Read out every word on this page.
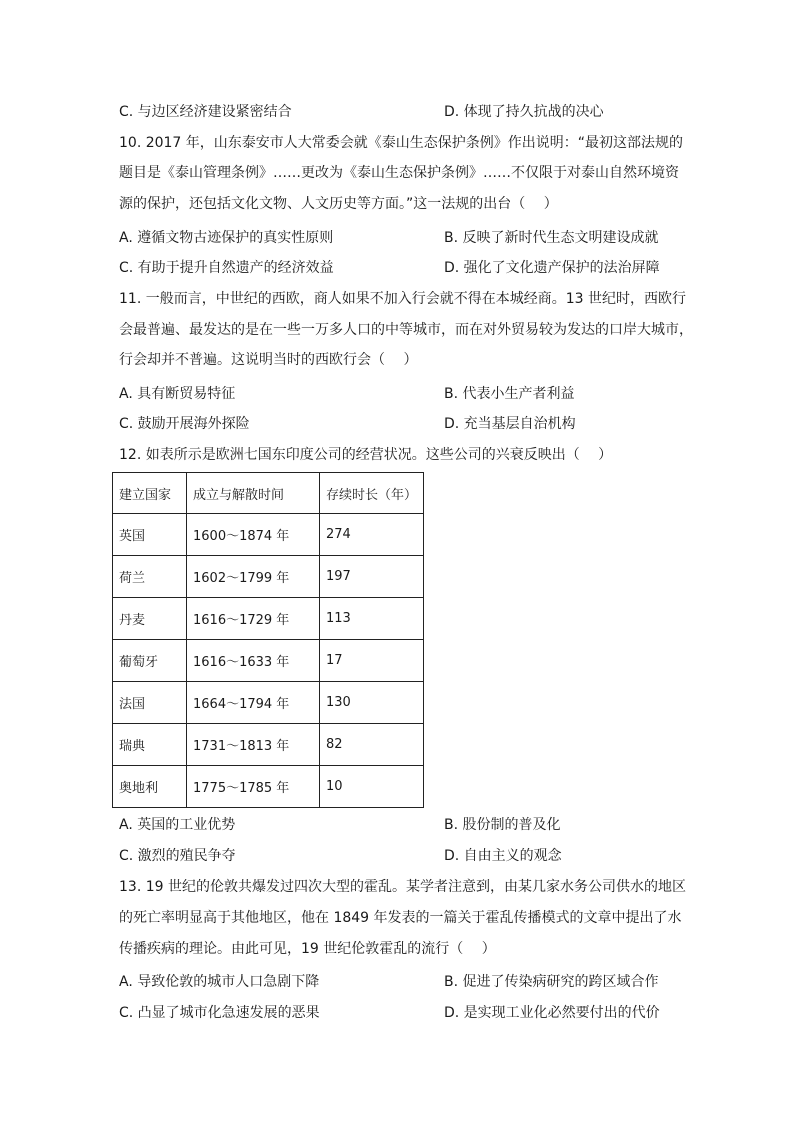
C. 与边区经济建设紧密结合	D. 体现了持久抗战的决心
10. 2017 年，山东泰安市人大常委会就《泰山生态保护条例》作出说明：“最初这部法规的
题目是《泰山管理条例》……更改为《泰山生态保护条例》……不仅限于对泰山自然环境资
源的保护，还包括文化文物、人文历史等方面。”这一法规的出台（　 ）
A. 遵循文物古迹保护的真实性原则	B. 反映了新时代生态文明建设成就
C. 有助于提升自然遗产的经济效益	D. 强化了文化遗产保护的法治屏障
11. 一般而言，中世纪的西欧，商人如果不加入行会就不得在本城经商。13 世纪时，西欧行
会最普遍、最发达的是在一些一万多人口的中等城市，而在对外贸易较为发达的口岸大城市，
行会却并不普遍。这说明当时的西欧行会（　 ）
A. 具有断贸易特征	B. 代表小生产者利益
C. 鼓励开展海外探险	D. 充当基层自治机构
12. 如表所示是欧洲七国东印度公司的经营状况。这些公司的兴衰反映出（　 ）
建立国家	成立与解散时间	存续时长（年）
英国	1600～1874 年	274
荷兰	1602～1799 年	197
丹麦	1616～1729 年	113
葡萄牙	1616～1633 年	17
法国	1664～1794 年	130
瑞典	1731～1813 年	82
奥地利	1775～1785 年	10
A. 英国的工业优势	B. 股份制的普及化
C. 激烈的殖民争夺	D. 自由主义的观念
13. 19 世纪的伦敦共爆发过四次大型的霍乱。某学者注意到，由某几家水务公司供水的地区
的死亡率明显高于其他地区，他在 1849 年发表的一篇关于霍乱传播模式的文章中提出了水
传播疾病的理论。由此可见，19 世纪伦敦霍乱的流行（　 ）
A. 导致伦敦的城市人口急剧下降	B. 促进了传染病研究的跨区域合作
C. 凸显了城市化急速发展的恶果	D. 是实现工业化必然要付出的代价
